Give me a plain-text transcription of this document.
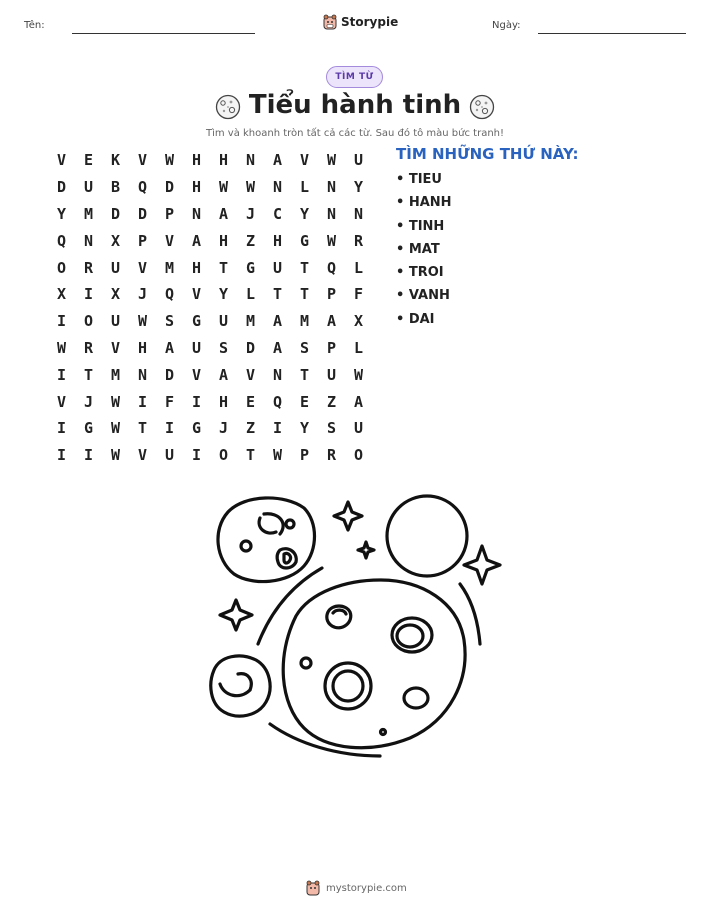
Tên:	Storypie	Ngày:
TÌM TỪ
Tiểu hành tinh
Tìm và khoanh tròn tất cả các từ. Sau đó tô màu bức tranh!
V	E	K	V	W	H	H	N	A	V	W	U
D	U	B	Q	D	H	W	W	N	L	N	Y
Y	M	D	D	P	N	A	J	C	Y	N	N
Q	N	X	P	V	A	H	Z	H	G	W	R
O	R	U	V	M	H	T	G	U	T	Q	L
X	I	X	J	Q	V	Y	L	T	T	P	F
I	O	U	W	S	G	U	M	A	M	A	X
W	R	V	H	A	U	S	D	A	S	P	L
I	T	M	N	D	V	A	V	N	T	U	W
V	J	W	I	F	I	H	E	Q	E	Z	A
I	G	W	T	I	G	J	Z	I	Y	S	U
I	I	W	V	U	I	O	T	W	P	R	O
TÌM NHỮNG THỨ NÀY:
• TIEU
• HANH
• TINH
• MAT
• TROI
• VANH
• DAI
mystorypie.com
